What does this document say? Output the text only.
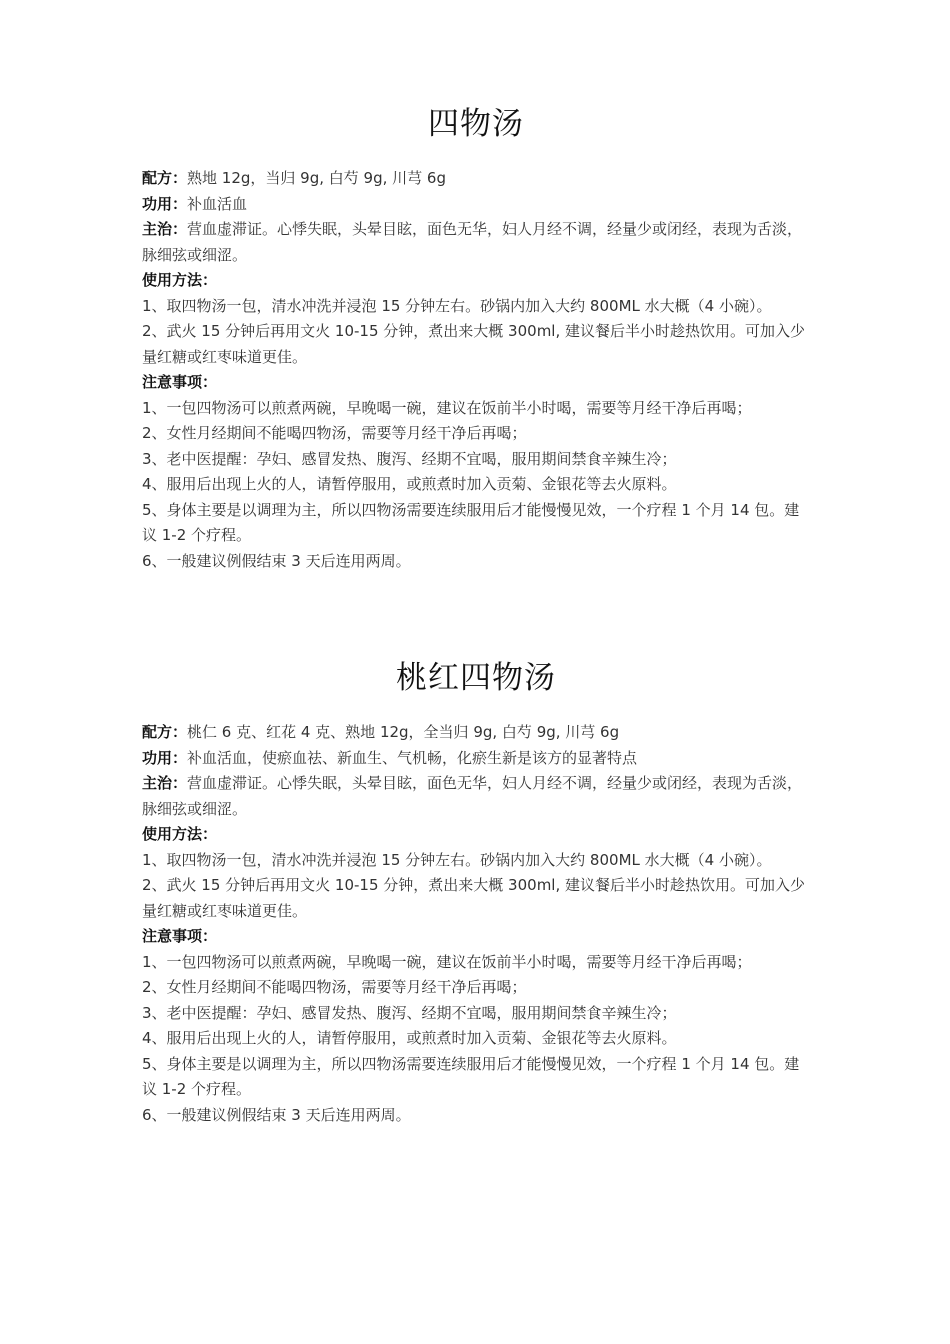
四物汤

配方：熟地 12g，当归 9g, 白芍 9g, 川芎 6g

功用：补血活血

主治：营血虚滞证。心悸失眠，头晕目眩，面色无华，妇人月经不调，经量少或闭经，表现为舌淡，脉细弦或细涩。

使用方法：

1、取四物汤一包，清水冲洗并浸泡 15 分钟左右。砂锅内加入大约 800ML 水大概（4 小碗）。

2、武火 15 分钟后再用文火 10-15 分钟，煮出来大概 300ml, 建议餐后半小时趁热饮用。可加入少量红糖或红枣味道更佳。

注意事项：

1、一包四物汤可以煎煮两碗，早晚喝一碗，建议在饭前半小时喝，需要等月经干净后再喝；

2、女性月经期间不能喝四物汤，需要等月经干净后再喝；

3、老中医提醒：孕妇、感冒发热、腹泻、经期不宜喝，服用期间禁食辛辣生冷；

4、服用后出现上火的人，请暂停服用，或煎煮时加入贡菊、金银花等去火原料。

5、身体主要是以调理为主，所以四物汤需要连续服用后才能慢慢见效，一个疗程 1 个月 14 包。建议 1-2 个疗程。

6、一般建议例假结束 3 天后连用两周。

桃红四物汤

配方：桃仁 6 克、红花 4 克、熟地 12g，全当归 9g, 白芍 9g, 川芎 6g

功用：补血活血，使瘀血祛、新血生、气机畅，化瘀生新是该方的显著特点

主治：营血虚滞证。心悸失眠，头晕目眩，面色无华，妇人月经不调，经量少或闭经，表现为舌淡，脉细弦或细涩。

使用方法：

1、取四物汤一包，清水冲洗并浸泡 15 分钟左右。砂锅内加入大约 800ML 水大概（4 小碗）。

2、武火 15 分钟后再用文火 10-15 分钟，煮出来大概 300ml, 建议餐后半小时趁热饮用。可加入少量红糖或红枣味道更佳。

注意事项：

1、一包四物汤可以煎煮两碗，早晚喝一碗，建议在饭前半小时喝，需要等月经干净后再喝；

2、女性月经期间不能喝四物汤，需要等月经干净后再喝；

3、老中医提醒：孕妇、感冒发热、腹泻、经期不宜喝，服用期间禁食辛辣生冷；

4、服用后出现上火的人，请暂停服用，或煎煮时加入贡菊、金银花等去火原料。

5、身体主要是以调理为主，所以四物汤需要连续服用后才能慢慢见效，一个疗程 1 个月 14 包。建议 1-2 个疗程。

6、一般建议例假结束 3 天后连用两周。
